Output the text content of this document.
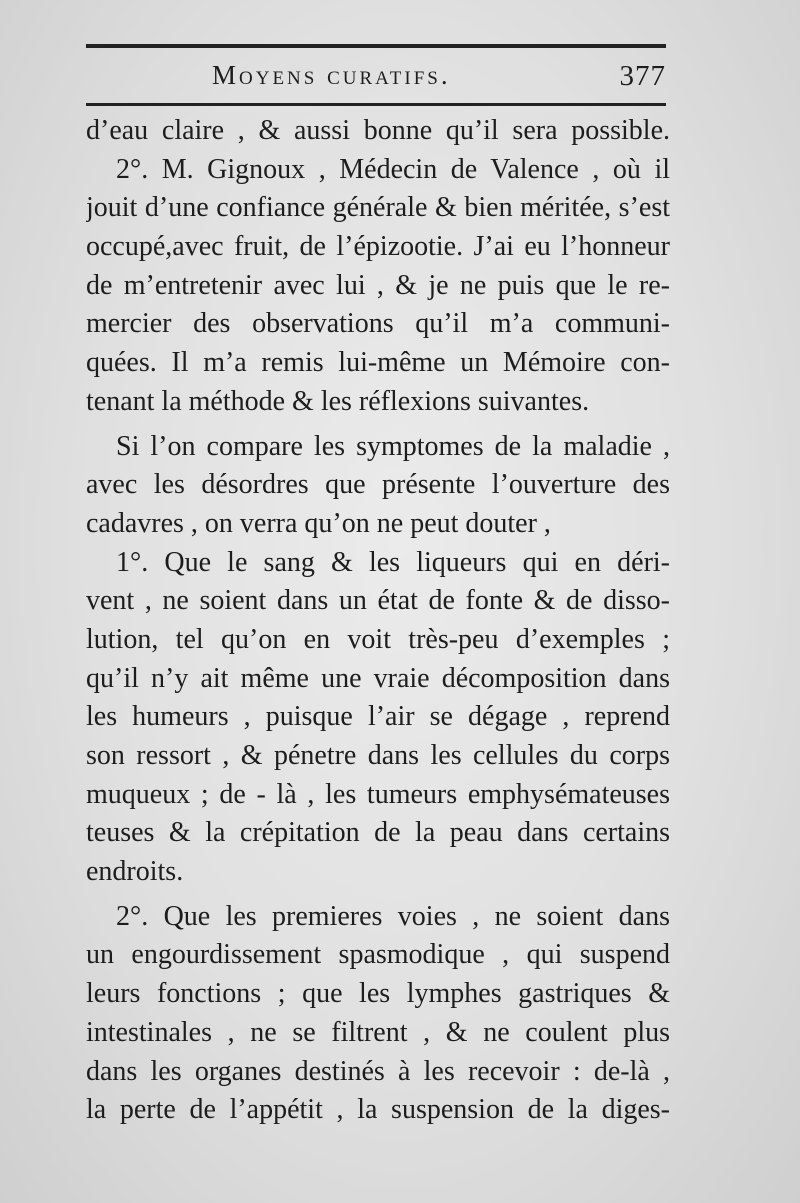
Moyens curatifs.	377
d’eau claire , & aussi bonne qu’il sera possible.
2°. M. Gignoux , Médecin de Valence , où il
jouit d’une confiance générale & bien méritée, s’est
occupé,avec fruit, de l’épizootie. J’ai eu l’honneur
de m’entretenir avec lui , & je ne puis que le re-
mercier des observations qu’il m’a communi-
quées. Il m’a remis lui-même un Mémoire con-
tenant la méthode & les réflexions suivantes.
Si l’on compare les symptomes de la maladie ,
avec les désordres que présente l’ouverture des
cadavres , on verra qu’on ne peut douter ,
1°. Que le sang & les liqueurs qui en déri-
vent , ne soient dans un état de fonte & de disso-
lution, tel qu’on en voit très-peu d’exemples ;
qu’il n’y ait même une vraie décomposition dans
les humeurs , puisque l’air se dégage , reprend
son ressort , & pénetre dans les cellules du corps
muqueux ; de - là , les tumeurs emphysémateuses
teuses & la crépitation de la peau dans certains
endroits.
2°. Que les premieres voies , ne soient dans
un engourdissement spasmodique , qui suspend
leurs fonctions ; que les lymphes gastriques &
intestinales , ne se filtrent , & ne coulent plus
dans les organes destinés à les recevoir : de-là ,
la perte de l’appétit , la suspension de la diges-
